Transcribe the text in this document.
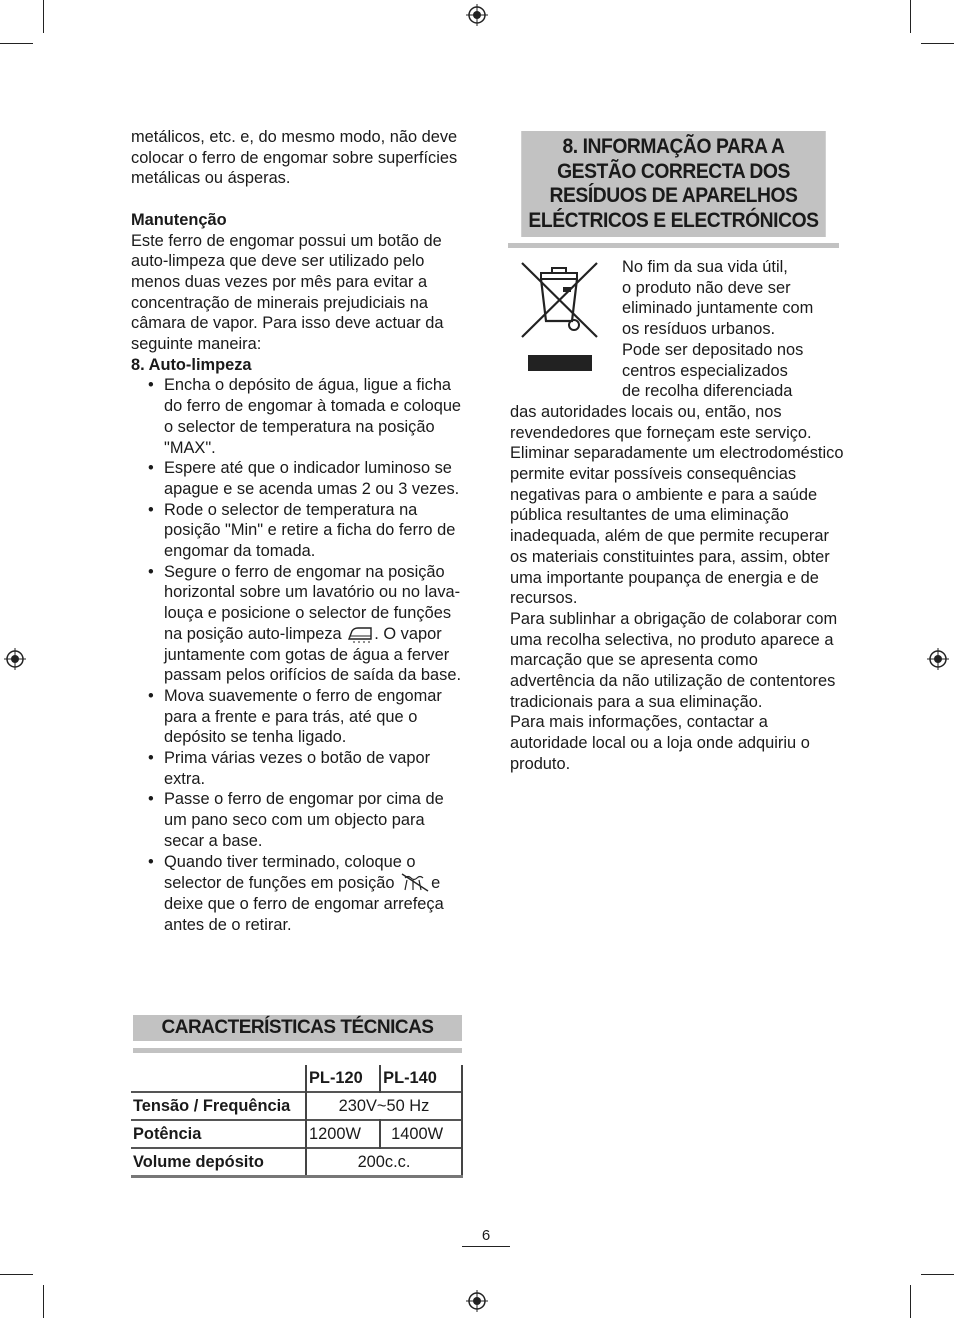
metálicos, etc. e, do mesmo modo, não deve colocar o ferro de engomar sobre superfícies metálicas ou ásperas.

Manutenção

Este ferro de engomar possui um botão de auto-limpeza que deve ser utilizado pelo menos duas vezes por mês para evitar a concentração de minerais prejudiciais na câmara de vapor. Para isso deve actuar da seguinte maneira:

8. Auto-limpeza

• Encha o depósito de água, ligue a ficha do ferro de engomar à tomada e coloque o selector de temperatura na posição "MAX".
• Espere até que o indicador luminoso se apague e se acenda umas 2 ou 3 vezes.
• Rode o selector de temperatura na posição "Min" e retire a ficha do ferro de engomar da tomada.
• Segure o ferro de engomar na posição horizontal sobre um lavatório ou no lava-louça e posicione o selector de funções na posição auto-limpeza . O vapor juntamente com gotas de água a ferver passam pelos orifícios de saída da base.
• Mova suavemente o ferro de engomar para a frente e para trás, até que o depósito se tenha ligado.
• Prima várias vezes o botão de vapor extra.
• Passe o ferro de engomar por cima de um pano seco com um objecto para secar a base.
• Quando tiver terminado, coloque o selector de funções em posição e deixe que o ferro de engomar arrefeça antes de o retirar.
CARACTERÍSTICAS TÉCNICAS
	PL-120	PL-140
Tensão / Frequência	230V~50 Hz	
Potência	1200W	1400W
Volume depósito	200c.c.	
8. INFORMAÇÃO PARA A GESTÃO CORRECTA DOS RESÍDUOS DE APARELHOS ELÉCTRICOS E ELECTRÓNICOS

No fim da sua vida útil,

o produto não deve ser

eliminado juntamente com

os resíduos urbanos.

Pode ser depositado nos

centros especializados

de recolha diferenciada

das autoridades locais ou, então, nos revendedores que forneçam este serviço. Eliminar separadamente um electrodoméstico permite evitar possíveis consequências negativas para o ambiente e para a saúde pública resultantes de uma eliminação inadequada, além de que permite recuperar os materiais constituintes para, assim, obter uma importante poupança de energia e de recursos.

Para sublinhar a obrigação de colaborar com uma recolha selectiva, no produto aparece a marcação que se apresenta como advertência da não utilização de contentores tradicionais para a sua eliminação.

Para mais informações, contactar a autoridade local ou a loja onde adquiriu o produto.

6
